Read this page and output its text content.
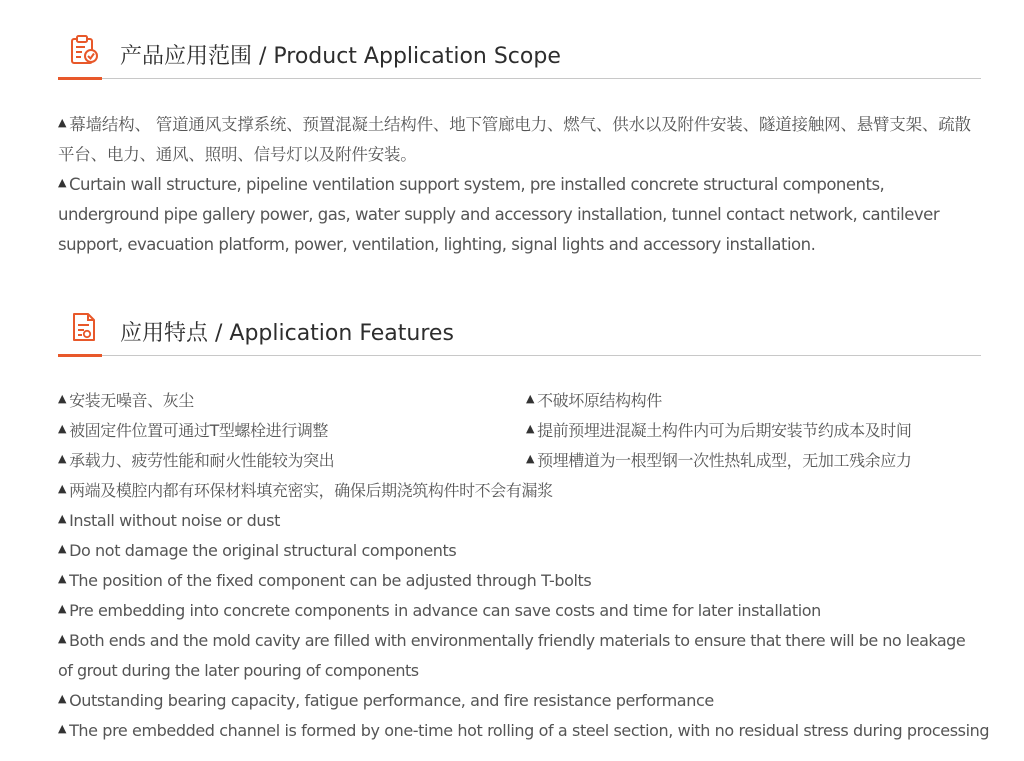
产品应用范围 / Product Application Scope
▲ 幕墙结构、 管道通风支撑系统、预置混凝土结构件、地下管廊电力、燃气、供水以及附件安装、隧道接触网、悬臂支架、疏散平台、电力、通风、照明、信号灯以及附件安装。
▲ Curtain wall structure, pipeline ventilation support system, pre installed concrete structural components, underground pipe gallery power, gas, water supply and accessory installation, tunnel contact network, cantilever support, evacuation platform, power, ventilation, lighting, signal lights and accessory installation.
应用特点 / Application Features
▲ 安装无噪音、灰尘	▲ 不破坏原结构构件
▲ 被固定件位置可通过T型螺栓进行调整	▲ 提前预埋进混凝土构件内可为后期安装节约成本及时间
▲ 承载力、疲劳性能和耐火性能较为突出	▲ 预埋槽道为一根型钢一次性热轧成型，无加工残余应力
▲ 两端及模腔内都有环保材料填充密实，确保后期浇筑构件时不会有漏浆
▲ Install without noise or dust
▲ Do not damage the original structural components
▲ The position of the fixed component can be adjusted through T-bolts
▲ Pre embedding into concrete components in advance can save costs and time for later installation
▲ Both ends and the mold cavity are filled with environmentally friendly materials to ensure that there will be no leakage of grout during the later pouring of components
▲ Outstanding bearing capacity, fatigue performance, and fire resistance performance
▲ The pre embedded channel is formed by one-time hot rolling of a steel section, with no residual stress during processing
